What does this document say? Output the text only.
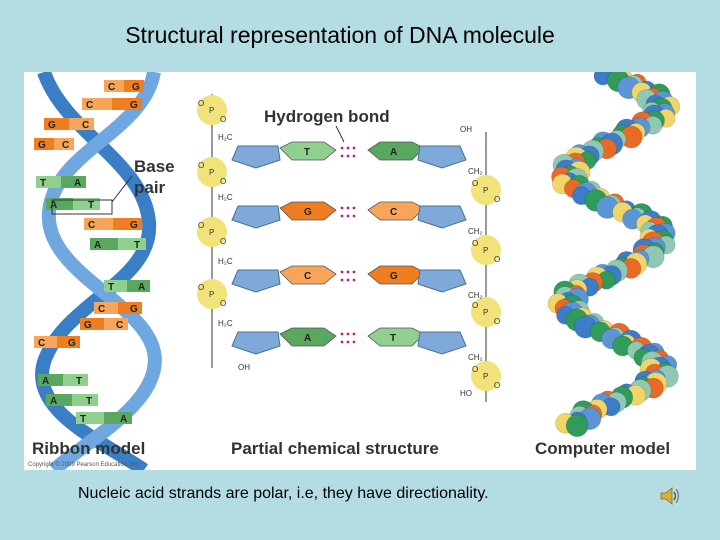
Structural representation of DNA molecule
C G
C	G
G	C
G C
T	A
A	T
C	G
A	T
T A
C G
G C
C G
A	T
A	T
T	A
Base
pair
Hydrogen bond
P
O
O
P
O
O
P
O
O
P
O
O
H₂C
H₂C
H₂C
H₂C
OH
T	A
G	C
C	G
A	T
P
O
O
P
O
O
P
O
O
P
O
O
CH₂
CH₂
CH₂
CH₂
OH
HO
Ribbon model	Partial chemical structure	Computer model
Copyright © 2009 Pearson Education, Inc.
Nucleic acid strands are polar, i.e, they have directionality.
